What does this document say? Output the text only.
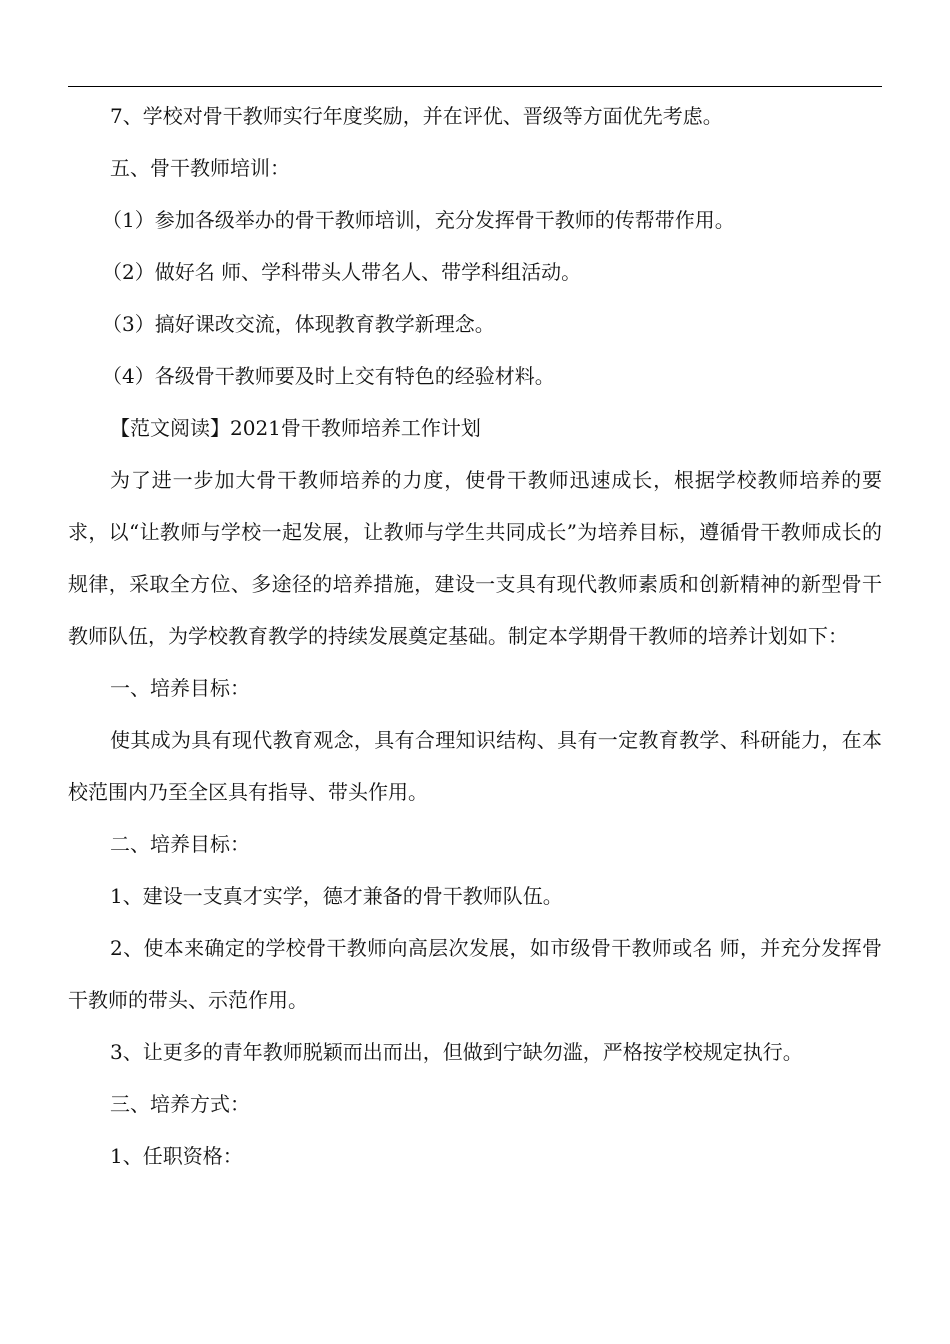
7、学校对骨干教师实行年度奖励，并在评优、晋级等方面优先考虑。

五、骨干教师培训：

（1）参加各级举办的骨干教师培训，充分发挥骨干教师的传帮带作用。

（2）做好名 师、学科带头人带名人、带学科组活动。

（3）搞好课改交流，体现教育教学新理念。

（4）各级骨干教师要及时上交有特色的经验材料。

【范文阅读】2021骨干教师培养工作计划

为了进一步加大骨干教师培养的力度，使骨干教师迅速成长，根据学校教师培养的要求，以“让教师与学校一起发展，让教师与学生共同成长”为培养目标，遵循骨干教师成长的规律，采取全方位、多途径的培养措施，建设一支具有现代教师素质和创新精神的新型骨干教师队伍，为学校教育教学的持续发展奠定基础。制定本学期骨干教师的培养计划如下：

一、培养目标：

使其成为具有现代教育观念，具有合理知识结构、具有一定教育教学、科研能力，在本校范围内乃至全区具有指导、带头作用。

二、培养目标：

1、建设一支真才实学，德才兼备的骨干教师队伍。

2、使本来确定的学校骨干教师向高层次发展，如市级骨干教师或名 师，并充分发挥骨干教师的带头、示范作用。

3、让更多的青年教师脱颖而出而出，但做到宁缺勿滥，严格按学校规定执行。

三、培养方式：

1、任职资格：
